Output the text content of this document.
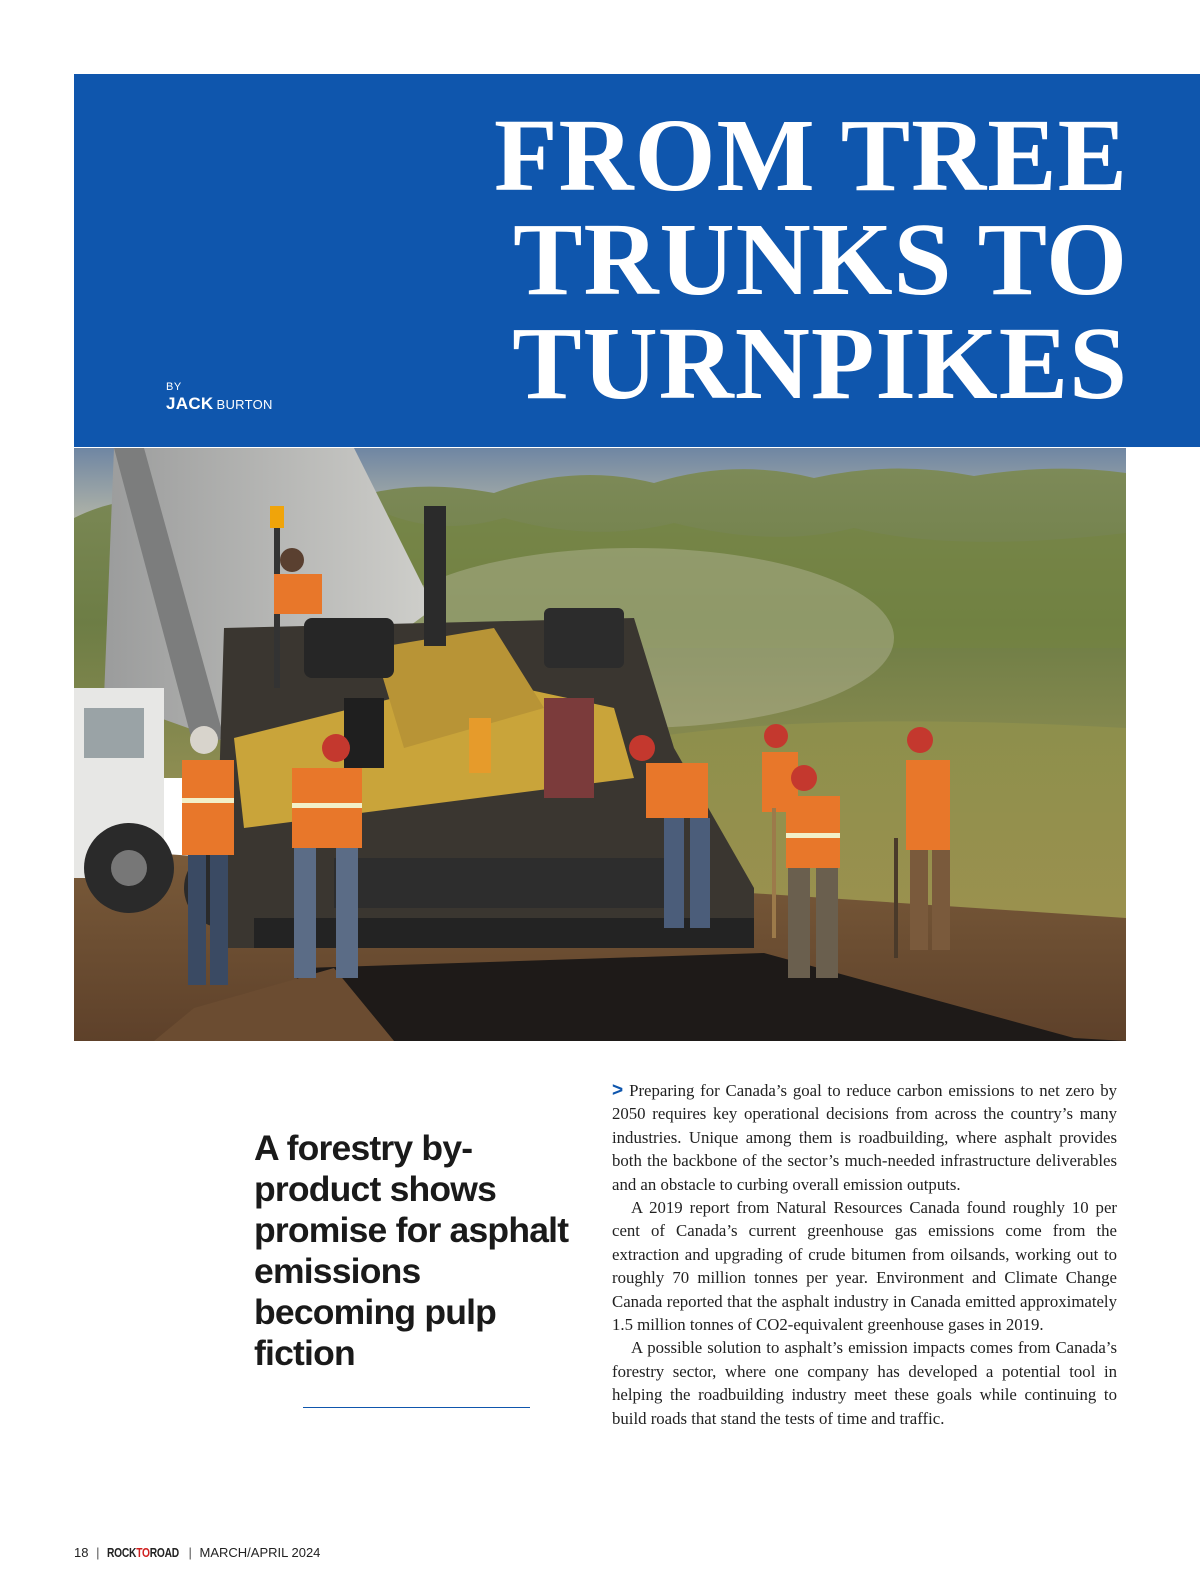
FROM TREE
TRUNKS TO
TURNPIKES
BY
JACK BURTON
A forestry by-product shows promise for asphalt emissions becoming pulp fiction

> Preparing for Canada’s goal to reduce carbon emissions to net zero by 2050 requires key operational decisions from across the country’s many industries. Unique among them is roadbuilding, where asphalt provides both the backbone of the sector’s much-needed infrastructure deliverables and an obstacle to curbing overall emission outputs.

A 2019 report from Natural Resources Canada found roughly 10 per cent of Canada’s current greenhouse gas emissions come from the extraction and upgrading of crude bitumen from oilsands, working out to roughly 70 million tonnes per year. Environment and Climate Change Canada reported that the asphalt industry in Canada emitted approximately 1.5 million tonnes of CO2-equivalent greenhouse gases in 2019.

A possible solution to asphalt’s emission impacts comes from Canada’s forestry sector, where one company has developed a potential tool in helping the roadbuilding industry meet these goals while continuing to build roads that stand the tests of time and traffic.

18 | ROCKTOROAD | MARCH/APRIL 2024
